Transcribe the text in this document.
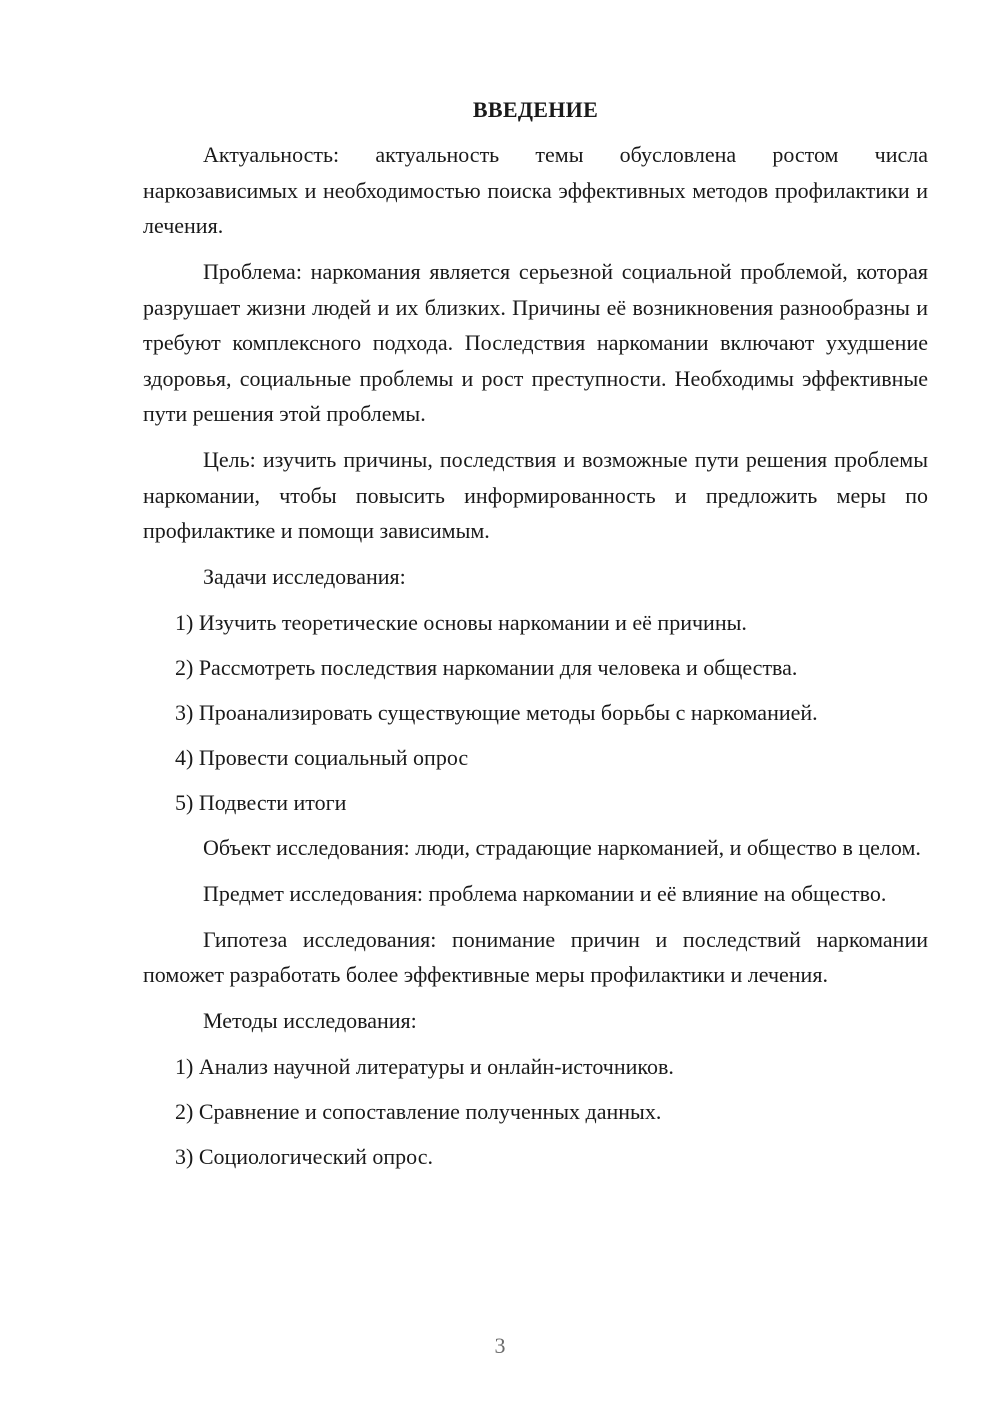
ВВЕДЕНИЕ

Актуальность: актуальность темы обусловлена ростом числа наркозависимых и необходимостью поиска эффективных методов профилактики и лечения.

Проблема: наркомания является серьезной социальной проблемой, которая разрушает жизни людей и их близких. Причины её возникновения разнообразны и требуют комплексного подхода. Последствия наркомании включают ухудшение здоровья, социальные проблемы и рост преступности. Необходимы эффективные пути решения этой проблемы.

Цель: изучить причины, последствия и возможные пути решения проблемы наркомании, чтобы повысить информированность и предложить меры по профилактике и помощи зависимым.

Задачи исследования:
1) Изучить теоретические основы наркомании и её причины.
2) Рассмотреть последствия наркомании для человека и общества.
3) Проанализировать существующие методы борьбы с наркоманией.
4) Провести социальный опрос
5) Подвести итоги

Объект исследования: люди, страдающие наркоманией, и общество в целом.

Предмет исследования: проблема наркомании и её влияние на общество.

Гипотеза исследования: понимание причин и последствий наркомании поможет разработать более эффективные меры профилактики и лечения.

Методы исследования:
1) Анализ научной литературы и онлайн-источников.
2) Сравнение и сопоставление полученных данных.
3) Социологический опрос.
3
